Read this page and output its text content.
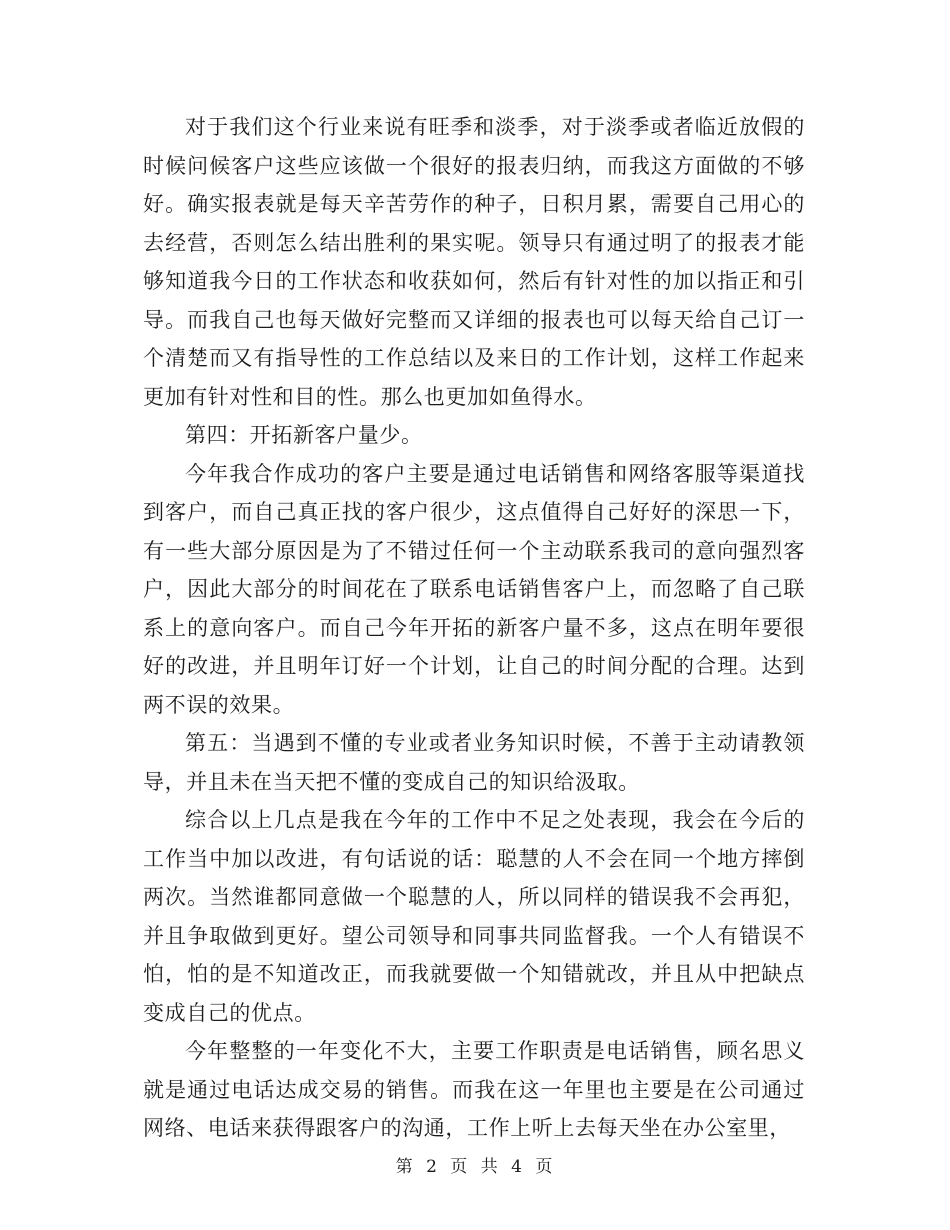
对于我们这个行业来说有旺季和淡季，对于淡季或者临近放假的时候问候客户这些应该做一个很好的报表归纳，而我这方面做的不够好。确实报表就是每天辛苦劳作的种子，日积月累，需要自己用心的去经营，否则怎么结出胜利的果实呢。领导只有通过明了的报表才能够知道我今日的工作状态和收获如何，然后有针对性的加以指正和引导。而我自己也每天做好完整而又详细的报表也可以每天给自己订一个清楚而又有指导性的工作总结以及来日的工作计划，这样工作起来更加有针对性和目的性。那么也更加如鱼得水。

第四：开拓新客户量少。

今年我合作成功的客户主要是通过电话销售和网络客服等渠道找到客户，而自己真正找的客户很少，这点值得自己好好的深思一下，有一些大部分原因是为了不错过任何一个主动联系我司的意向强烈客户，因此大部分的时间花在了联系电话销售客户上，而忽略了自己联系上的意向客户。而自己今年开拓的新客户量不多，这点在明年要很好的改进，并且明年订好一个计划，让自己的时间分配的合理。达到两不误的效果。

第五：当遇到不懂的专业或者业务知识时候，不善于主动请教领导，并且未在当天把不懂的变成自己的知识给汲取。

综合以上几点是我在今年的工作中不足之处表现，我会在今后的工作当中加以改进，有句话说的话：聪慧的人不会在同一个地方摔倒两次。当然谁都同意做一个聪慧的人，所以同样的错误我不会再犯，并且争取做到更好。望公司领导和同事共同监督我。一个人有错误不怕，怕的是不知道改正，而我就要做一个知错就改，并且从中把缺点变成自己的优点。

今年整整的一年变化不大，主要工作职责是电话销售，顾名思义就是通过电话达成交易的销售。而我在这一年里也主要是在公司通过网络、电话来获得跟客户的沟通，工作上听上去每天坐在办公室里，

第 2 页 共 4 页
